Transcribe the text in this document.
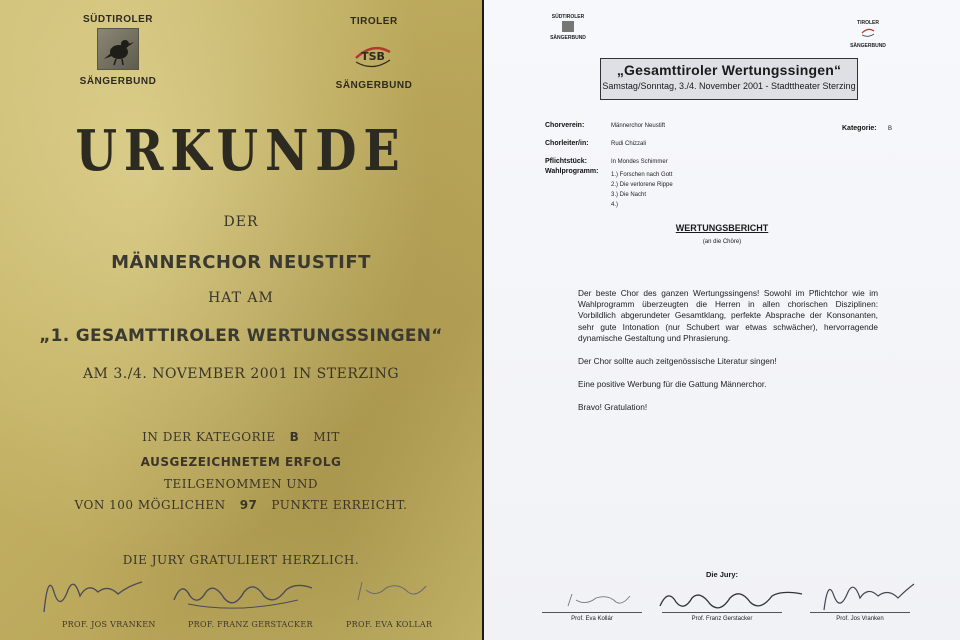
SÜDTIROLER
SÄNGERBUND
TIROLER
TSB
SÄNGERBUND
URKUNDE
DER
MÄNNERCHOR NEUSTIFT
HAT AM
„1. GESAMTTIROLER WERTUNGSSINGEN“
AM 3./4. NOVEMBER 2001 IN STERZING
IN DER KATEGORIE B MIT
AUSGEZEICHNETEM ERFOLG
TEILGENOMMEN UND
VON 100 MÖGLICHEN 97 PUNKTE ERREICHT.
DIE JURY GRATULIERT HERZLICH.
PROF. JOS VRANKEN	PROF. FRANZ GERSTACKER	PROF. EVA KOLLAR
SÜDTIROLER
SÄNGERBUND
TIROLER
SÄNGERBUND
„Gesamttiroler Wertungssingen“
Samstag/Sonntag, 3./4. November 2001 - Stadttheater Sterzing
Chorverein:	Männerchor Neustift	Kategorie: B
Chorleiter/in:	Rudi Chizzali
Pflichtstück:	In Mondes Schimmer
Wahlprogramm: 1.) Forschen nach Gott
2.) Die verlorene Rippe
3.) Die Nacht
4.)
WERTUNGSBERICHT
(an die Chöre)

Der beste Chor des ganzen Wertungssingens! Sowohl im Pflichtchor wie im Wahlprogramm überzeugten die Herren in allen chorischen Disziplinen: Vorbildlich abgerundeter Gesamtklang, perfekte Absprache der Konsonanten, sehr gute Intonation (nur Schubert war etwas schwächer), hervorragende dynamische Gestaltung und Phrasierung.

Der Chor sollte auch zeitgenössische Literatur singen!

Eine positive Werbung für die Gattung Männerchor.

Bravo! Gratulation!

Die Jury:
Prof. Eva Kollár	Prof. Franz Gerstacker	Prof. Jos Vranken
